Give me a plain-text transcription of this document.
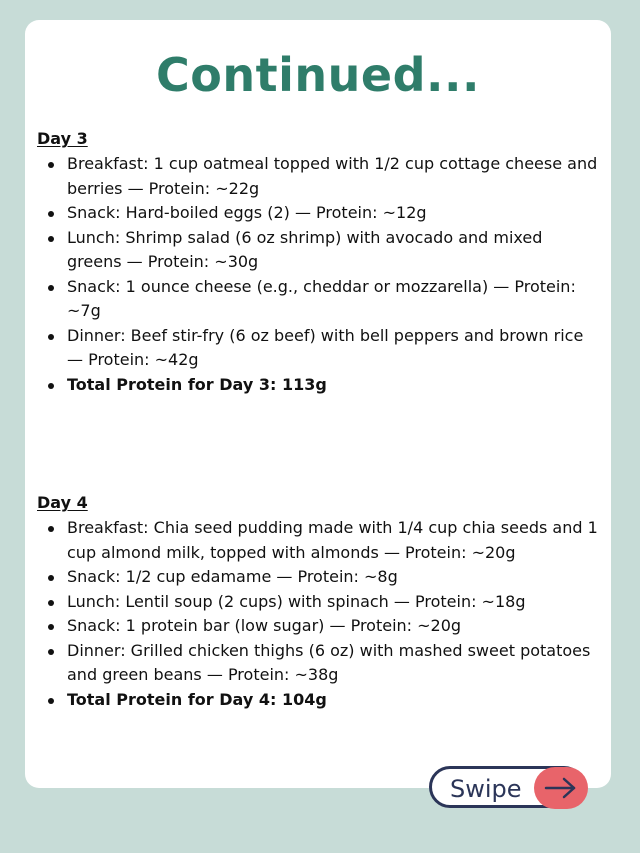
Continued...
Day 3
Breakfast: 1 cup oatmeal topped with 1/2 cup cottage cheese and berries — Protein: ~22g
Snack: Hard-boiled eggs (2) — Protein: ~12g
Lunch: Shrimp salad (6 oz shrimp) with avocado and mixed greens — Protein: ~30g
Snack: 1 ounce cheese (e.g., cheddar or mozzarella) — Protein: ~7g
Dinner: Beef stir-fry (6 oz beef) with bell peppers and brown rice — Protein: ~42g
Total Protein for Day 3: 113g
Day 4
Breakfast: Chia seed pudding made with 1/4 cup chia seeds and 1 cup almond milk, topped with almonds — Protein: ~20g
Snack: 1/2 cup edamame — Protein: ~8g
Lunch: Lentil soup (2 cups) with spinach — Protein: ~18g
Snack: 1 protein bar (low sugar) — Protein: ~20g
Dinner: Grilled chicken thighs (6 oz) with mashed sweet potatoes and green beans — Protein: ~38g
Total Protein for Day 4: 104g
Swipe
